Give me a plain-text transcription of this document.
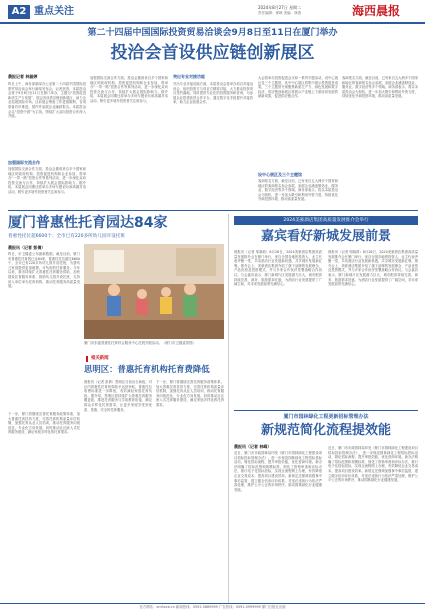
A2 重点关注	2024年8月27日 星期二
责任编辑：邢映 美编：林燕	海西晨报
第二十四届中国国际投资贸易洽谈会9月8日至11日在厦门举办
投洽会首设供应链创新展区
晨报记者 林磊婷
昨日上午，商务部新闻办公室第二十四届中国国际投资贸易洽谈会举行新闻发布会。记者获悉，本届投洽会将于9月8日至11日在厦门举办，主题为“投资促进新质生产力发展”，展会首设供应链创新展区，助力企业拓展国际市场。目前展会筹备工作进展顺利，各项准备有序推进。国内外参展企业踊跃报名。本届投洽会以“投资中国”为主线，围绕扩大双向投资合作深入开展。
加强国际交流合作
加强国际交流合作方面，投洽会邀请来自多个国家和地区的政府机构、投资促进机构和企业参加，将举办“一带一路”投资合作等系列活动，进一步深化双向投资交流与合作，持续扩大展会国际影响力。据介绍，本届展会同期还将举办多场专题论坛和高端对话活动，吸引更多境外投资者关注和参与。
加强国际交流合作方面，投洽会邀请来自多个国家和地区的政府机构、投资促进机构和企业参加，将举办“一带一路”投资合作等系列活动，进一步深化双向投资交流与合作，持续扩大展会国际影响力。据介绍，本届展会同期还将举办多场专题论坛和高端对话活动，吸引更多境外投资者关注和参与。
突出专业对接功能
突出专业对接功能方面，本届投洽会将举办项目对接洽谈会，组织投资方与项目方精准对接，大力推动投资项目签约落地，同时提供专业化的投资服务和咨询，为参展企业搭建高效合作平台。通过数字化手段提升对接效率，助力企业拓展合作。
大会将举办投资促进会议和一系列专题活动。设中心展区及三个主题馆，其中中心展区将集中展示投资促进成果，三个主题馆分别聚焦新质生产力、绿色发展和数字经济，供应链创新展区将展示产业链上下游协同发展的最新成果，促进供应链合作。
设中心展区及三个主题馆
客商报名方面，截至目前，已有来自五大洲多个国家和地区的客商报名参会参展，参展企业涵盖制造业、服务业、数字经济等多个领域。商务部表示，将以本届投洽会为契机，进一步加大吸引和利用外资力度，持续优化外商投资环境，推动高质量发展。
客商报名方面，截至目前，已有来自五大洲多个国家和地区的客商报名参会参展，参展企业涵盖制造业、服务业、数字经济等多个领域。商务部表示，将以本届投洽会为契机，进一步加大吸引和利用外资力度，持续优化外商投资环境，推动高质量发展。
厦门普惠性托育园达84家
普惠性托位超6600个；全市已有220多所幼儿园开设托班
晨报讯（记者 彭倩）
昨日，市卫健委公布最新数据，截至目前，厦门市普惠性托育园已达84家，普惠性托位超过6600个，全市已有220多所幼儿园开设托班，为婴幼儿家庭提供更加便捷、可负担的托育服务。今年以来，我市持续扩大普惠性托育服务供给，加快建设托育服务体系，鼓励幼儿园开设托班，支持用人单位举办托育机构，推动托育服务高质量发展。
下一步，厦门将继续完善托育服务政策体系，加大普惠托育扶持力度，完善托育机构质量评估机制，加强托育从业人员培训，推动托育服务向规范化、专业化方向发展。同时推动社区嵌入式托育服务建设，满足家庭多样化的托育需求。
厦门市东渡普惠性托育综合服务中心托班开展活动。（厦门市卫健委供图）
相关新闻
思明区：普惠托育机构托育费降低
晨报讯（记者 彭倩）思明区日前出台新政，对区内普惠性托育机构给予运营补贴，普惠托位收费标准进一步降低，有效减轻家庭托育负担。据介绍，思明区将持续扩大普惠托育服务覆盖面，推进托育服务与学前教育衔接，满足群众多样化托育需求，让更多家庭享受到优质、普惠、安全的托育服务。
下一步，厦门将继续完善托育服务政策体系，加大普惠托育扶持力度，完善托育机构质量评估机制，加强托育从业人员培训，推动托育服务向规范化、专业化方向发展。同时推动社区嵌入式托育服务建设，满足家庭多样化的托育需求。
2024美豪酒店集团高质量发展推介会举行
嘉宾看好新城发展前景
晨报讯（记者 邬晓莉）8月26日，2024美豪酒店集团高质量发展推介会在厦门举行，来自全国各地的投资人、业主代表齐聚一堂，共话酒店行业发展新机遇，共享城市发展新红利。推介会上，美豪酒店集团介绍了旗下品牌的发展理念、产品优势及投资模式，并与多家合作伙伴签署战略合作协议。与会嘉宾表示，厦门新城片区发展潜力巨大，城市配套持续完善，商务、旅游需求旺盛，为酒店行业发展提供了广阔空间，对未来发展前景充满信心。
晨报讯（记者 邬晓莉）8月26日，2024美豪酒店集团高质量发展推介会在厦门举行，来自全国各地的投资人、业主代表齐聚一堂，共话酒店行业发展新机遇，共享城市发展新红利。推介会上，美豪酒店集团介绍了旗下品牌的发展理念、产品优势及投资模式，并与多家合作伙伴签署战略合作协议。与会嘉宾表示，厦门新城片区发展潜力巨大，城市配套持续完善，商务、旅游需求旺盛，为酒店行业发展提供了广阔空间，对未来发展前景充满信心。
厦门市园林绿化工程更新招标管理办法
新规范简化流程提效能
晨报讯（记者 林峰）
近日，厦门市市政园林局印发《厦门市园林绿化工程建设项目招标投标管理办法》，进一步规范园林绿化工程招标投标活动，简化招标流程，提升审批效能，优化营商环境。新办法明确了招标范围和规模标准，细化了资格审查和评标办法，推行电子化招标投标，实现全流程网上办理，有效降低企业交易成本，提高项目建设效率。新规定还强调加强事中事后监管，建立健全信用评价体系，对违法违规行为依法严肃处理，维护公平公正的市场秩序，推动园林绿化行业健康发展。
近日，厦门市市政园林局印发《厦门市园林绿化工程建设项目招标投标管理办法》，进一步规范园林绿化工程招标投标活动，简化招标流程，提升审批效能，优化营商环境。新办法明确了招标范围和规模标准，细化了资格审查和评标办法，推行电子化招标投标，实现全流程网上办理，有效降低企业交易成本，提高项目建设效率。新规定还强调加强事中事后监管，建立健全信用评价体系，对违法违规行为依法严肃处理，维护公平公正的市场秩序，推动园林绿化行业健康发展。
官方网站：xmhxcb.cn 新闻热线：0592-5889999 广告热线：0592-5999999 厦门日报社出版
